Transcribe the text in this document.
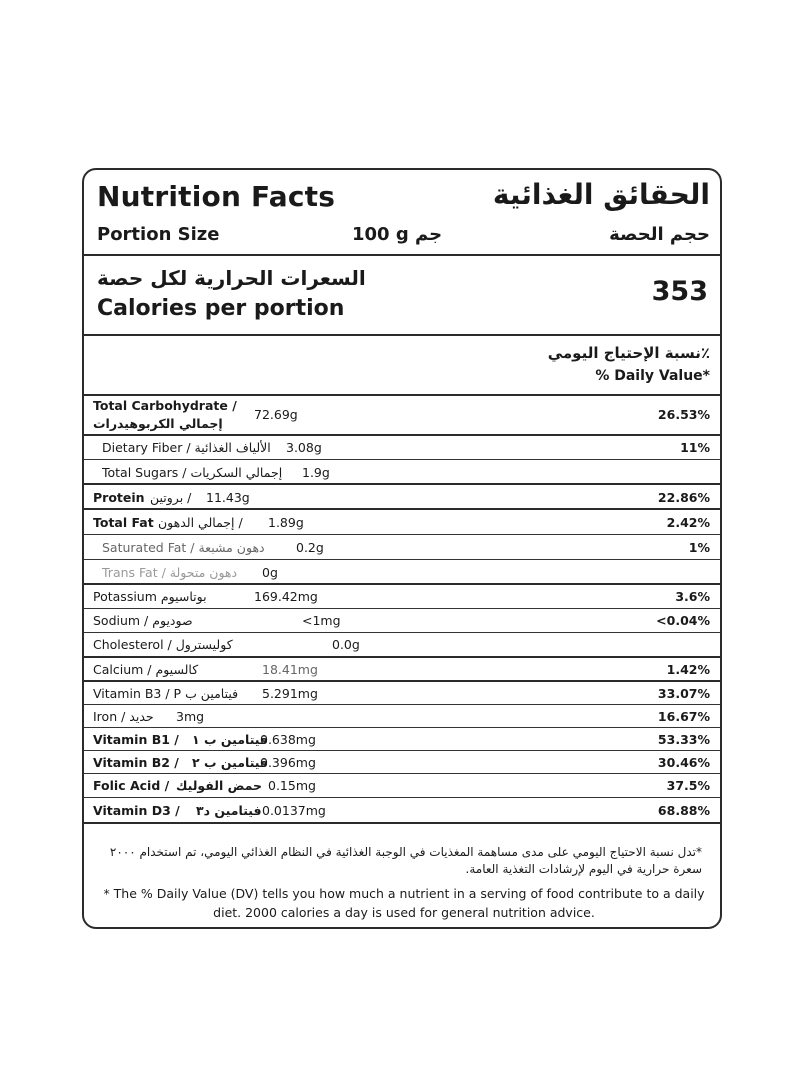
Nutrition Facts	الحقائق الغذائية
Portion Size	100 g جم	حجم الحصة
السعرات الحرارية لكل حصة
Calories per portion
353
٪نسبة الإحتياج اليومي
% Daily Value*
Total Carbohydrate /
إجمالي الكربوهيدرات
72.69g	26.53%
Dietary Fiber / الألياف الغذائية 3.08g	11%
Total Sugars / إجمالي السكريات 1.9g
Protein / بروتين 11.43g	22.86%
Total Fat / إجمالي الدهون 1.89g	2.42%
Saturated Fat / دهون مشبعة	0.2g	1%
Trans Fat / دهون متحولة 0g
Potassium بوتاسيوم	169.42mg	3.6%
Sodium / صوديوم	<1mg	<0.04%
Cholesterol / كوليسترول	0.0g
Calcium / كالسيوم	18.41mg	1.42%
Vitamin B3 / P فيتامين ب 5.291mg	33.07%
Iron / حديد 3mg	16.67%
Vitamin B1 / فيتامين ب ١
0.638mg	53.33%
Vitamin B2 / فيتامين ب ٢
0.396mg	30.46%
Folic Acid / حمض الفوليك 0.15mg	37.5%
Vitamin D3 / فيتامين د٣ 0.0137mg	68.88%
*تدل نسبة الاحتياج اليومي على مدى مساهمة المغذيات في الوجبة الغذائية في النظام الغذائي اليومي، تم استخدام ٢٠٠٠ سعرة حرارية في اليوم لإرشادات التغذية العامة.
* The % Daily Value (DV) tells you how much a nutrient in a serving of food contribute to a daily diet. 2000 calories a day is used for general nutrition advice.
